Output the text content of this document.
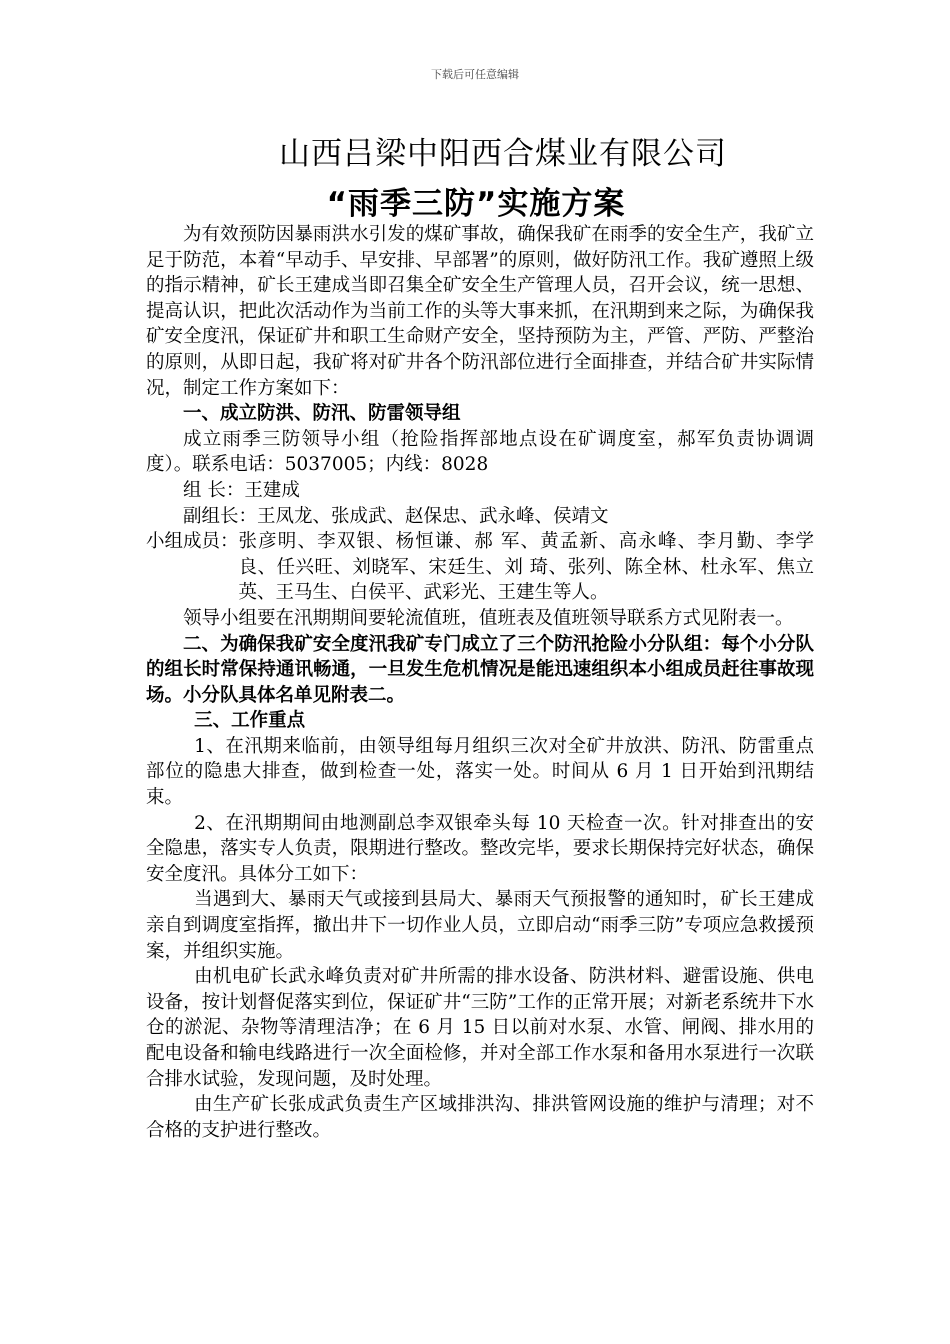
下载后可任意编辑
山西吕梁中阳西合煤业有限公司
“雨季三防”实施方案

为有效预防因暴雨洪水引发的煤矿事故，确保我矿在雨季的安全生产，我矿立足于防范，本着“早动手、早安排、早部署”的原则，做好防汛工作。我矿遵照上级的指示精神，矿长王建成当即召集全矿安全生产管理人员，召开会议，统一思想、提高认识，把此次活动作为当前工作的头等大事来抓，在汛期到来之际，为确保我矿安全度汛，保证矿井和职工生命财产安全，坚持预防为主，严管、严防、严整治的原则，从即日起，我矿将对矿井各个防汛部位进行全面排查，并结合矿井实际情况，制定工作方案如下：

一、成立防洪、防汛、防雷领导组

成立雨季三防领导小组（抢险指挥部地点设在矿调度室，郝军负责协调调度）。联系电话：5037005；内线：8028

组 长：王建成

副组长：王凤龙、张成武、赵保忠、武永峰、侯靖文

小组成员： 张彦明、李双银、杨恒谦、郝 军、黄孟新、高永峰、李月勤、李学良、任兴旺、刘晓军、宋廷生、刘 琦、张列、陈全林、杜永军、焦立英、王马生、白侯平、武彩光、王建生等人。

领导小组要在汛期期间要轮流值班，值班表及值班领导联系方式见附表一。

二、为确保我矿安全度汛我矿专门成立了三个防汛抢险小分队组：每个小分队的组长时常保持通讯畅通，一旦发生危机情况是能迅速组织本小组成员赶往事故现场。小分队具体名单见附表二。

三、工作重点

1、在汛期来临前，由领导组每月组织三次对全矿井放洪、防汛、防雷重点部位的隐患大排查，做到检查一处，落实一处。时间从 6 月 1 日开始到汛期结束。

2、在汛期期间由地测副总李双银牵头每 10 天检查一次。针对排查出的安全隐患，落实专人负责，限期进行整改。整改完毕，要求长期保持完好状态，确保安全度汛。具体分工如下：

当遇到大、暴雨天气或接到县局大、暴雨天气预报警的通知时，矿长王建成亲自到调度室指挥，撤出井下一切作业人员，立即启动“雨季三防”专项应急救援预案，并组织实施。

由机电矿长武永峰负责对矿井所需的排水设备、防洪材料、避雷设施、供电设备，按计划督促落实到位，保证矿井“三防”工作的正常开展；对新老系统井下水仓的淤泥、杂物等清理洁净；在 6 月 15 日以前对水泵、水管、闸阀、排水用的配电设备和输电线路进行一次全面检修，并对全部工作水泵和备用水泵进行一次联合排水试验，发现问题，及时处理。

由生产矿长张成武负责生产区域排洪沟、排洪管网设施的维护与清理；对不合格的支护进行整改。
